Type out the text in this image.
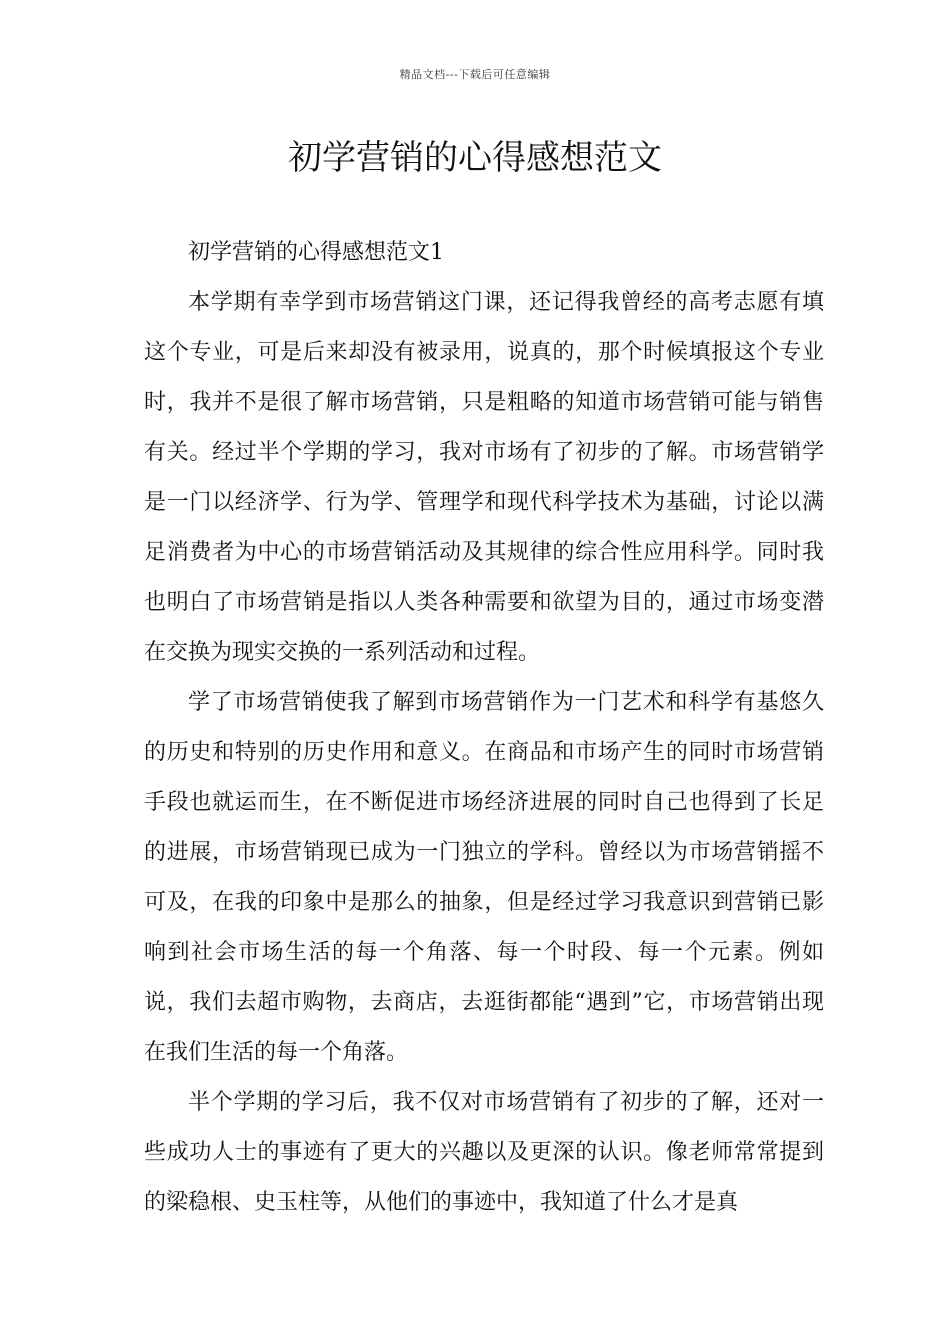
精品文档---下载后可任意编辑
初学营销的心得感想范文

初学营销的心得感想范文1

本学期有幸学到市场营销这门课，还记得我曾经的高考志愿有填这个专业，可是后来却没有被录用，说真的，那个时候填报这个专业时，我并不是很了解市场营销，只是粗略的知道市场营销可能与销售有关。经过半个学期的学习，我对市场有了初步的了解。市场营销学是一门以经济学、行为学、管理学和现代科学技术为基础，讨论以满足消费者为中心的市场营销活动及其规律的综合性应用科学。同时我也明白了市场营销是指以人类各种需要和欲望为目的，通过市场变潜在交换为现实交换的一系列活动和过程。

学了市场营销使我了解到市场营销作为一门艺术和科学有基悠久的历史和特别的历史作用和意义。在商品和市场产生的同时市场营销手段也就运而生，在不断促进市场经济进展的同时自己也得到了长足的进展，市场营销现已成为一门独立的学科。曾经以为市场营销摇不可及，在我的印象中是那么的抽象，但是经过学习我意识到营销已影响到社会市场生活的每一个角落、每一个时段、每一个元素。例如说，我们去超市购物，去商店，去逛街都能“遇到”它，市场营销出现在我们生活的每一个角落。

半个学期的学习后，我不仅对市场营销有了初步的了解，还对一些成功人士的事迹有了更大的兴趣以及更深的认识。像老师常常提到的梁稳根、史玉柱等，从他们的事迹中，我知道了什么才是真
